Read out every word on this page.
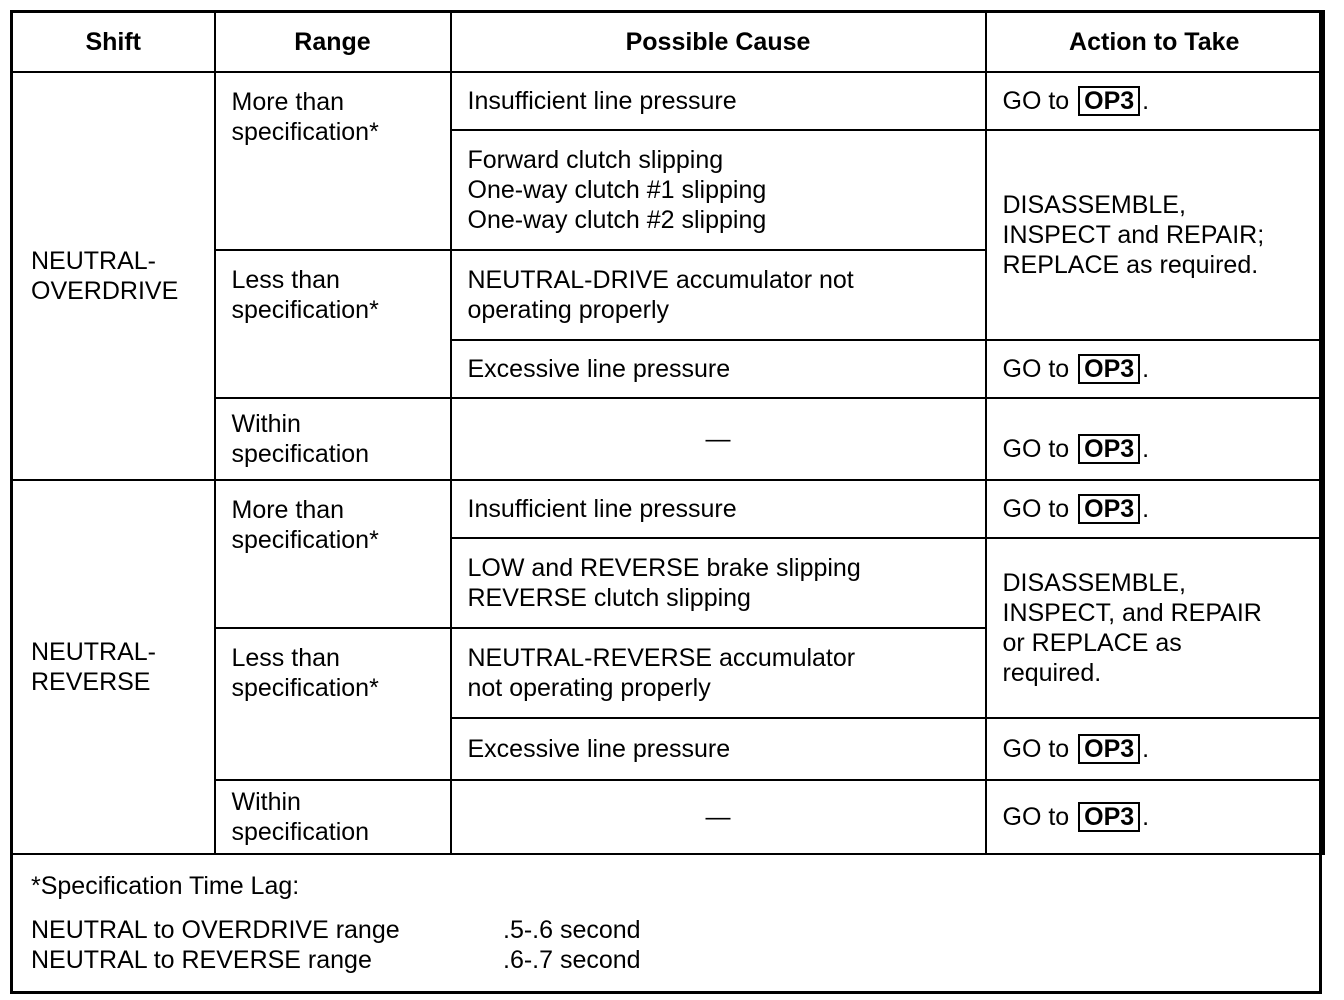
Shift	Range	Possible Cause	Action to Take

NEUTRAL-
OVERDRIVE	More than
specification*	Insufficient line pressure	GO to OP3 .

		Forward clutch slipping
One-way clutch #1 slipping
One-way clutch #2 slipping	DISASSEMBLE,
INSPECT and REPAIR;
REPLACE as required.

	Less than
specification*	NEUTRAL-DRIVE accumulator not
operating properly	

		Excessive line pressure	GO to OP3 .

	Within
specification	—	GO to OP3 .

NEUTRAL-
REVERSE	More than
specification*	Insufficient line pressure	GO to OP3 .

		LOW and REVERSE brake slipping
REVERSE clutch slipping	DISASSEMBLE,
INSPECT, and REPAIR
or REPLACE as
required.

	Less than
specification*	NEUTRAL-REVERSE accumulator
not operating properly	

		Excessive line pressure	GO to OP3 .

	Within
specification	—	GO to OP3 .
*Specification Time Lag:
NEUTRAL to OVERDRIVE range	.5-.6 second
NEUTRAL to REVERSE range	.6-.7 second
